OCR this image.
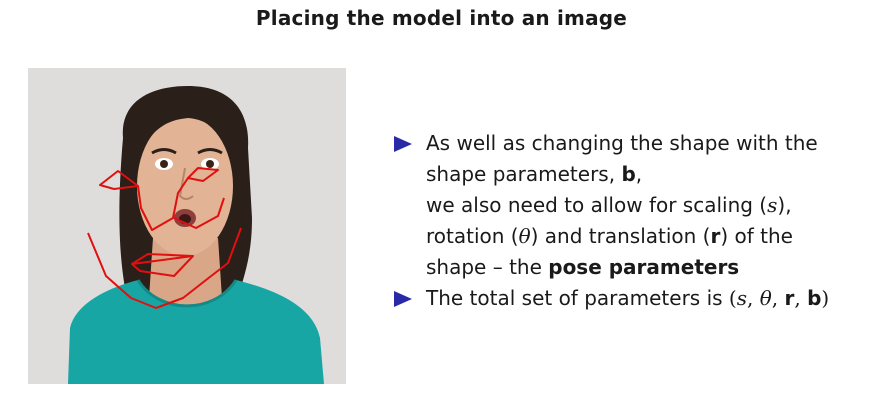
Placing the model into an image
As well as changing the shape with the
shape parameters, b,
we also need to allow for scaling (s),
rotation (θ) and translation (r) of the
shape – the pose parameters
The total set of parameters is (s, θ, r, b)
